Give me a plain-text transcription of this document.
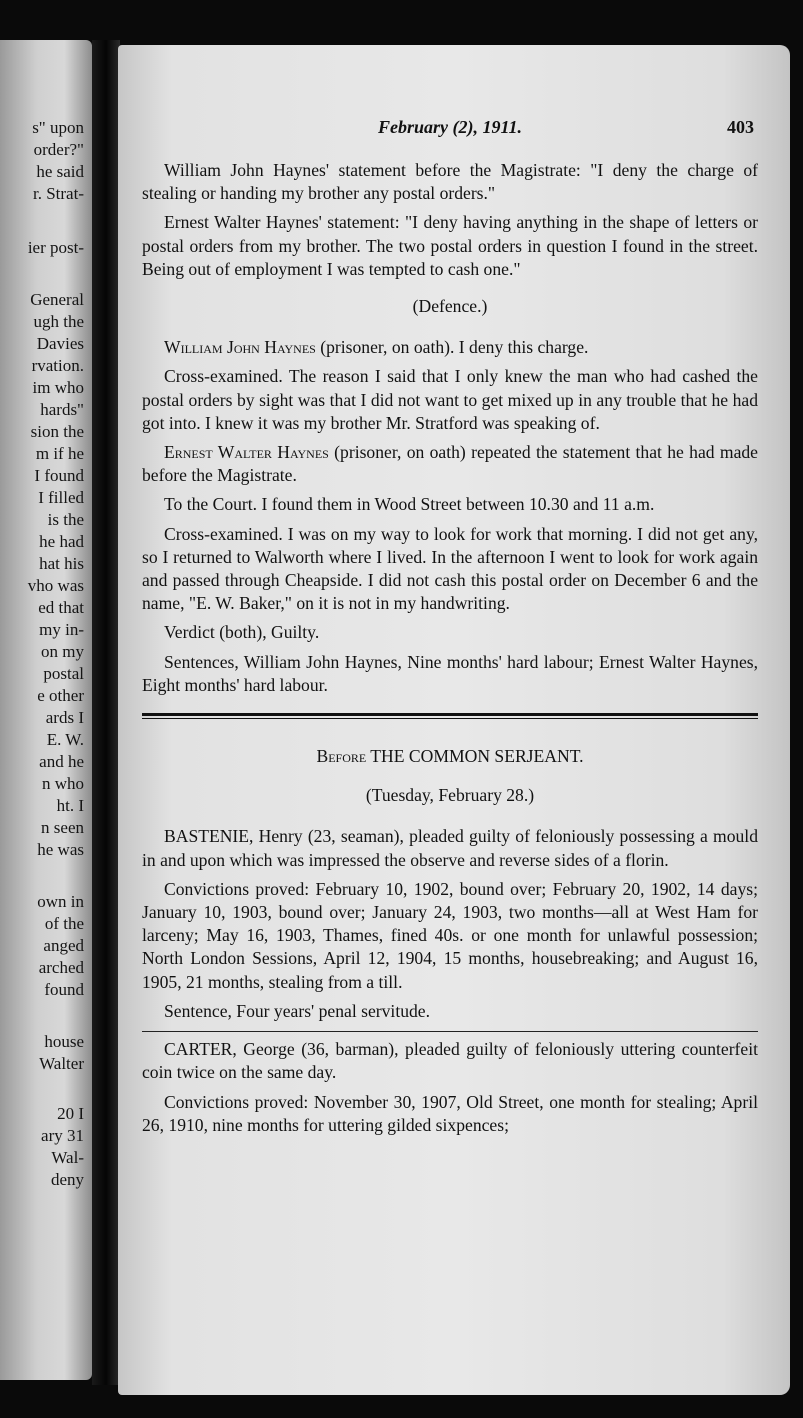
s" upon
order?"
he said
r. Strat-
ier post-
General
ugh the
Davies
rvation.
im who
hards"
sion the
m if he
I found
I filled
is the
he had
hat his
vho was
ed that
my in-
on my
postal
e other
ards I
E. W.
and he
n who
ht. I
n seen
he was
own in
of the
anged
arched
found
house
Walter
20 I
ary 31
Wal-
deny
February (2), 1911.	403

William John Haynes' statement before the Magistrate: "I deny the charge of stealing or handing my brother any postal orders."

Ernest Walter Haynes' statement: "I deny having anything in the shape of letters or postal orders from my brother. The two postal orders in question I found in the street. Being out of employment I was tempted to cash one."

(Defence.)

William John Haynes (prisoner, on oath). I deny this charge.

Cross-examined. The reason I said that I only knew the man who had cashed the postal orders by sight was that I did not want to get mixed up in any trouble that he had got into. I knew it was my brother Mr. Stratford was speaking of.

Ernest Walter Haynes (prisoner, on oath) repeated the statement that he had made before the Magistrate.

To the Court. I found them in Wood Street between 10.30 and 11 a.m.

Cross-examined. I was on my way to look for work that morning. I did not get any, so I returned to Walworth where I lived. In the afternoon I went to look for work again and passed through Cheapside. I did not cash this postal order on December 6 and the name, "E. W. Baker," on it is not in my handwriting.

Verdict (both), Guilty.

Sentences, William John Haynes, Nine months' hard labour; Ernest Walter Haynes, Eight months' hard labour.

Before THE COMMON SERJEANT.

(Tuesday, February 28.)

BASTENIE, Henry (23, seaman), pleaded guilty of feloniously possessing a mould in and upon which was impressed the observe and reverse sides of a florin.

Convictions proved: February 10, 1902, bound over; February 20, 1902, 14 days; January 10, 1903, bound over; January 24, 1903, two months—all at West Ham for larceny; May 16, 1903, Thames, fined 40s. or one month for unlawful possession; North London Sessions, April 12, 1904, 15 months, housebreaking; and August 16, 1905, 21 months, stealing from a till.

Sentence, Four years' penal servitude.

CARTER, George (36, barman), pleaded guilty of feloniously uttering counterfeit coin twice on the same day.

Convictions proved: November 30, 1907, Old Street, one month for stealing; April 26, 1910, nine months for uttering gilded sixpences;
